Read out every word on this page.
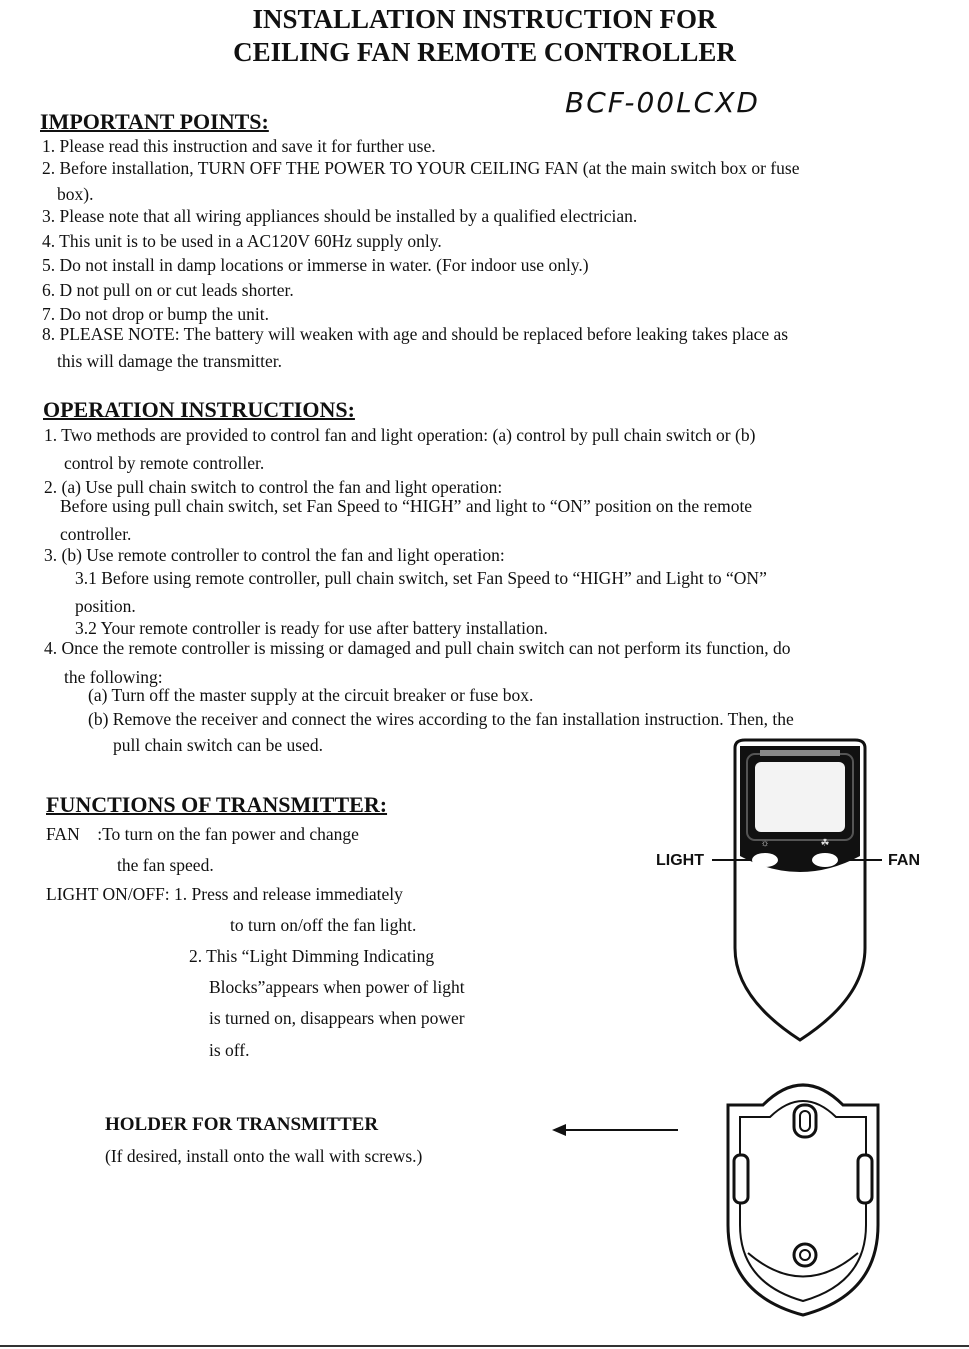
INSTALLATION INSTRUCTION FOR
CEILING FAN REMOTE CONTROLLER
BCF-00LCXD
IMPORTANT POINTS:
1. Please read this instruction and save it for further use.
2. Before installation, TURN OFF THE POWER TO YOUR CEILING FAN (at the main switch box or fuse
box).
3. Please note that all wiring appliances should be installed by a qualified electrician.
4. This unit is to be used in a AC120V 60Hz supply only.
5. Do not install in damp locations or immerse in water. (For indoor use only.)
6. D not pull on or cut leads shorter.
7. Do not drop or bump the unit.
8. PLEASE NOTE: The battery will weaken with age and should be replaced before leaking takes place as
this will damage the transmitter.
OPERATION INSTRUCTIONS:
1. Two methods are provided to control fan and light operation: (a) control by pull chain switch or (b)
control by remote controller.
2. (a) Use pull chain switch to control the fan and light operation:
Before using pull chain switch, set Fan Speed to “HIGH” and light to “ON” position on the remote
controller.
3. (b) Use remote controller to control the fan and light operation:
3.1 Before using remote controller, pull chain switch, set Fan Speed to “HIGH” and Light to “ON”
position.
3.2 Your remote controller is ready for use after battery installation.
4. Once the remote controller is missing or damaged and pull chain switch can not perform its function, do
the following:
(a) Turn off the master supply at the circuit breaker or fuse box.
(b) Remove the receiver and connect the wires according to the fan installation instruction. Then, the
pull chain switch can be used.
FUNCTIONS OF TRANSMITTER:
FAN    :To turn on the fan power and change
the fan speed.
LIGHT ON/OFF: 1. Press and release immediately
to turn on/off the fan light.
2. This “Light Dimming Indicating
Blocks”appears when power of light
is turned on, disappears when power
is off.
☼	☘
LIGHT	FAN
HOLDER FOR TRANSMITTER
(If desired, install onto the wall with screws.)
